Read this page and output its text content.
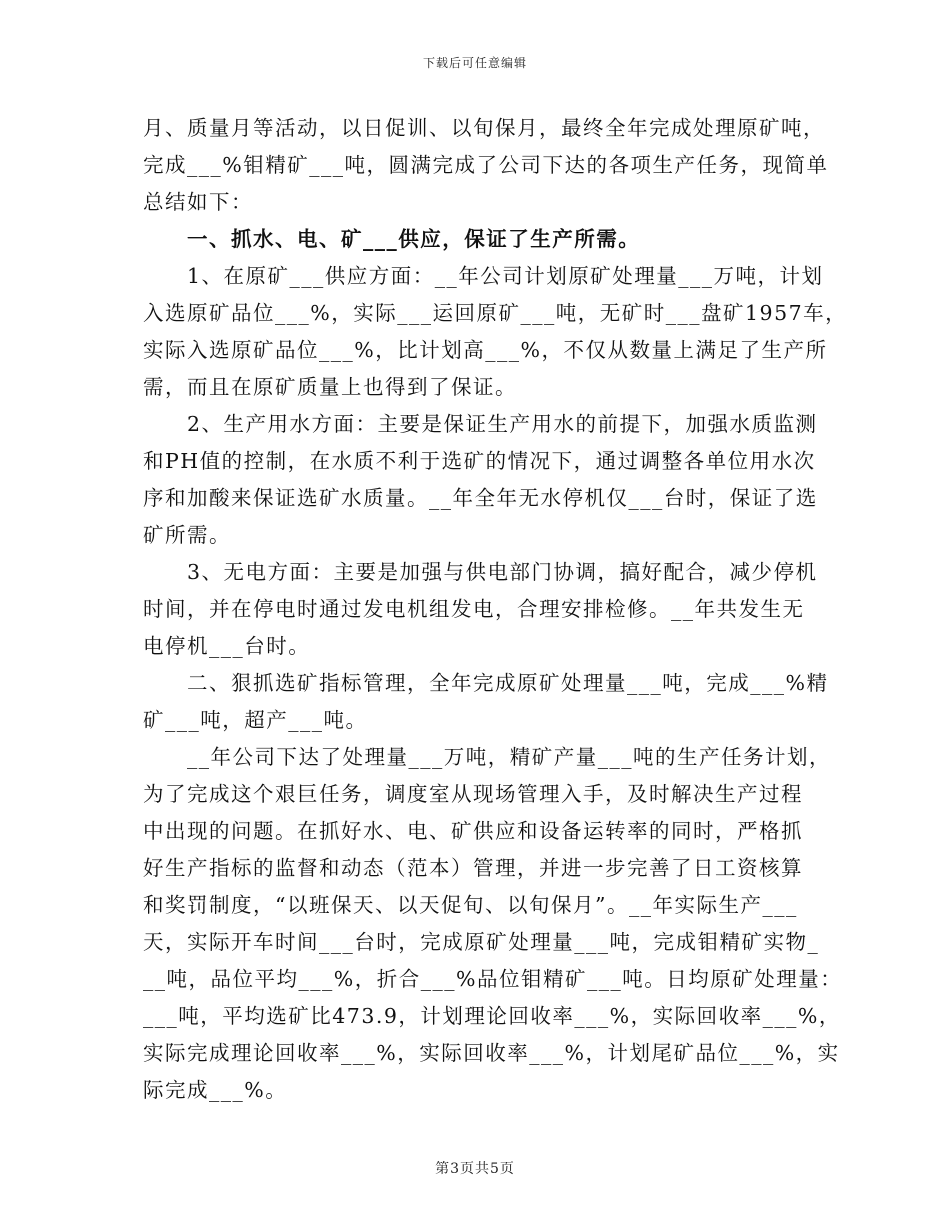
下载后可任意编辑
月、质量月等活动，以日促训、以旬保月，最终全年完成处理原矿吨，
完成___%钼精矿___吨，圆满完成了公司下达的各项生产任务，现简单
总结如下：
一、抓水、电、矿___供应，保证了生产所需。
1、在原矿___供应方面：__年公司计划原矿处理量___万吨，计划
入选原矿品位___%，实际___运回原矿___吨，无矿时___盘矿1957车，
实际入选原矿品位___%，比计划高___%，不仅从数量上满足了生产所
需，而且在原矿质量上也得到了保证。
2、生产用水方面：主要是保证生产用水的前提下，加强水质监测
和PH值的控制，在水质不利于选矿的情况下，通过调整各单位用水次
序和加酸来保证选矿水质量。__年全年无水停机仅___台时，保证了选
矿所需。
3、无电方面：主要是加强与供电部门协调，搞好配合，减少停机
时间，并在停电时通过发电机组发电，合理安排检修。__年共发生无
电停机___台时。
二、狠抓选矿指标管理，全年完成原矿处理量___吨，完成___%精
矿___吨，超产___吨。
__年公司下达了处理量___万吨，精矿产量___吨的生产任务计划，
为了完成这个艰巨任务，调度室从现场管理入手，及时解决生产过程
中出现的问题。在抓好水、电、矿供应和设备运转率的同时，严格抓
好生产指标的监督和动态（范本）管理，并进一步完善了日工资核算
和奖罚制度，“以班保天、以天促旬、以旬保月”。__年实际生产___
天，实际开车时间___台时，完成原矿处理量___吨，完成钼精矿实物_
__吨，品位平均___%，折合___%品位钼精矿___吨。日均原矿处理量：
___吨，平均选矿比473.9，计划理论回收率___%，实际回收率___%，
实际完成理论回收率___%，实际回收率___%，计划尾矿品位___%，实
际完成___%。
第3页共5页
